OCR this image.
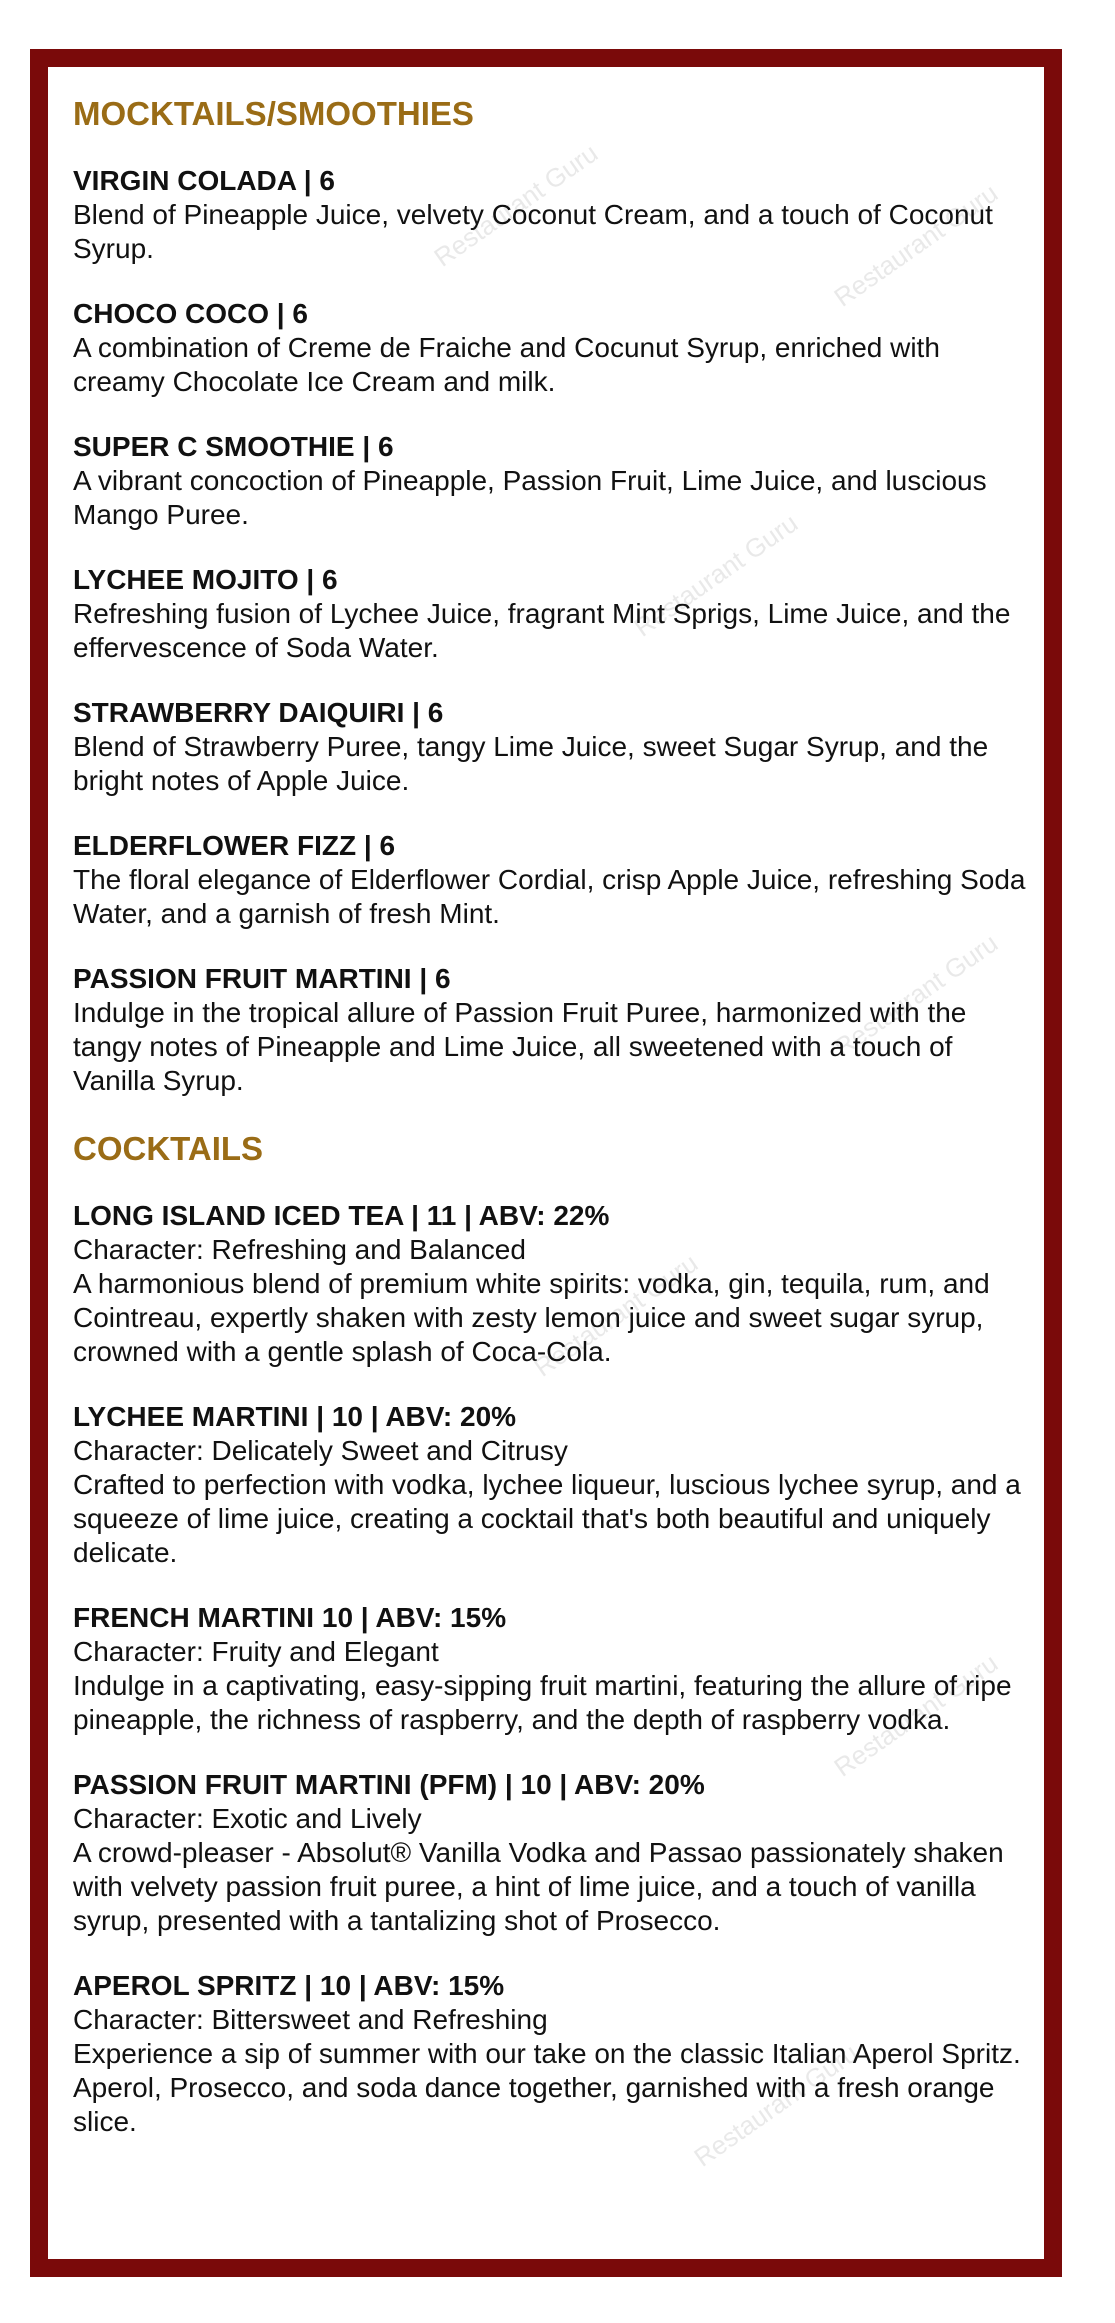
Restaurant Guru	Restaurant Guru
Restaurant Guru
Restaurant Guru
Restaurant Guru
Restaurant Guru
Restaurant Guru
MOCKTAILS/SMOOTHIES
VIRGIN COLADA | 6
Blend of Pineapple Juice, velvety Coconut Cream, and a touch of Coconut Syrup.
CHOCO COCO | 6
A combination of Creme de Fraiche and Cocunut Syrup, enriched with creamy Chocolate Ice Cream and milk.
SUPER C SMOOTHIE | 6
A vibrant concoction of Pineapple, Passion Fruit, Lime Juice, and luscious Mango Puree.
LYCHEE MOJITO | 6
Refreshing fusion of Lychee Juice, fragrant Mint Sprigs, Lime Juice, and the effervescence of Soda Water.
STRAWBERRY DAIQUIRI | 6
Blend of Strawberry Puree, tangy Lime Juice, sweet Sugar Syrup, and the bright notes of Apple Juice.
ELDERFLOWER FIZZ | 6
The floral elegance of Elderflower Cordial, crisp Apple Juice, refreshing Soda Water, and a garnish of fresh Mint.
PASSION FRUIT MARTINI | 6
Indulge in the tropical allure of Passion Fruit Puree, harmonized with the tangy notes of Pineapple and Lime Juice, all sweetened with a touch of Vanilla Syrup.
COCKTAILS
LONG ISLAND ICED TEA | 11 | ABV: 22%
Character: Refreshing and Balanced
A harmonious blend of premium white spirits: vodka, gin, tequila, rum, and Cointreau, expertly shaken with zesty lemon juice and sweet sugar syrup, crowned with a gentle splash of Coca-Cola.
LYCHEE MARTINI | 10 | ABV: 20%
Character: Delicately Sweet and Citrusy
Crafted to perfection with vodka, lychee liqueur, luscious lychee syrup, and a squeeze of lime juice, creating a cocktail that's both beautiful and uniquely delicate.
FRENCH MARTINI 10 | ABV: 15%
Character: Fruity and Elegant
Indulge in a captivating, easy-sipping fruit martini, featuring the allure of ripe pineapple, the richness of raspberry, and the depth of raspberry vodka.
PASSION FRUIT MARTINI (PFM) | 10 | ABV: 20%
Character: Exotic and Lively
A crowd-pleaser - Absolut® Vanilla Vodka and Passao passionately shaken with velvety passion fruit puree, a hint of lime juice, and a touch of vanilla syrup, presented with a tantalizing shot of Prosecco.
APEROL SPRITZ | 10 | ABV: 15%
Character: Bittersweet and Refreshing
Experience a sip of summer with our take on the classic Italian Aperol Spritz. Aperol, Prosecco, and soda dance together, garnished with a fresh orange slice.
